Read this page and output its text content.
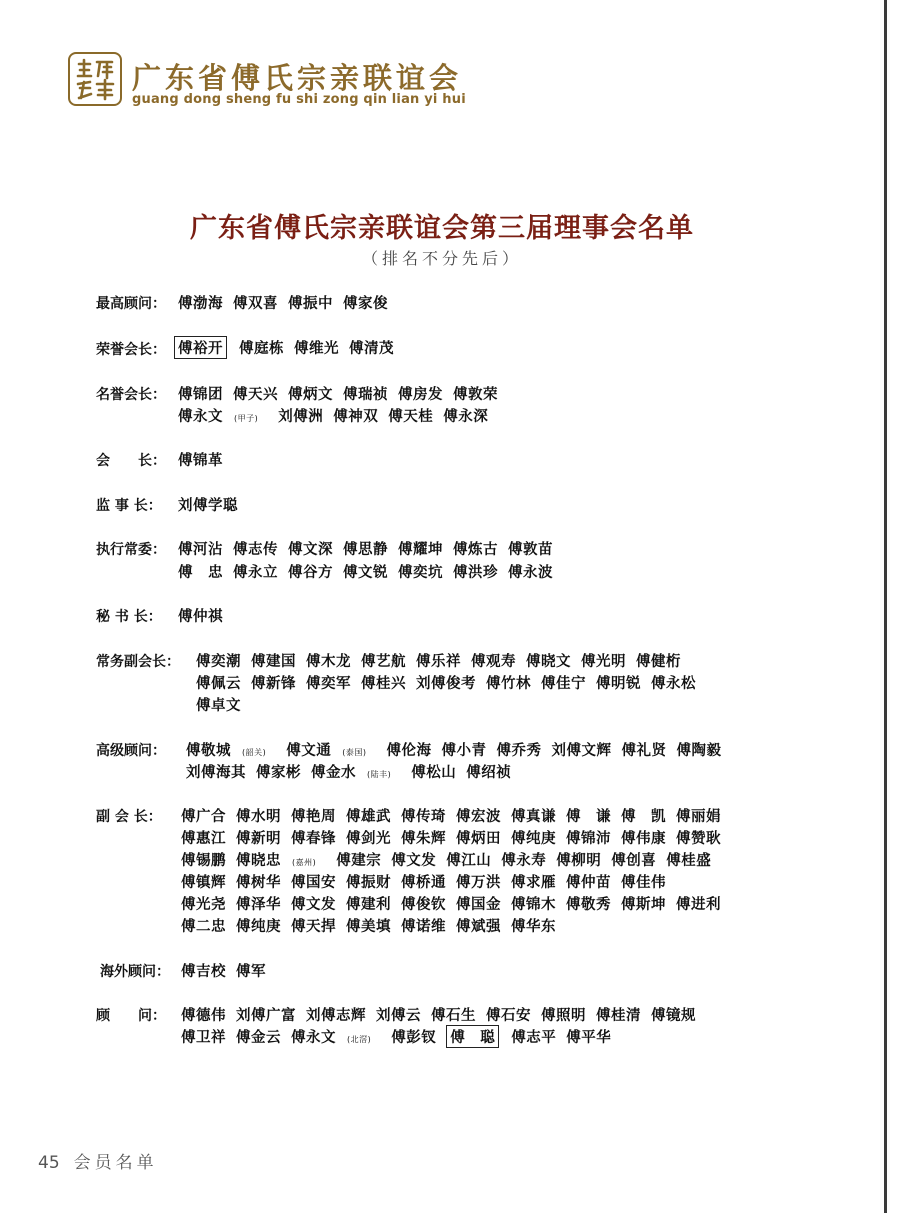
广东省傅氏宗亲联谊会
guang dong sheng fu shi zong qin lian yi hui
广东省傅氏宗亲联谊会第三届理事会名单
（排名不分先后）
最高顾问： 傅渤海 傅双喜 傅振中 傅家俊
荣誉会长： 傅裕开 傅庭栋 傅维光 傅清茂
名誉会长： 傅锦团 傅天兴 傅炳文 傅瑞祯 傅房发 傅敦荣
傅永文 (甲子) 刘傅洲 傅神双 傅天桂 傅永深
会　　长： 傅锦革
监 事 长： 刘傅学聪
执行常委： 傅河沾 傅志传 傅文深 傅思静 傅耀坤 傅炼古 傅敦苗
傅　忠 傅永立 傅谷方 傅文锐 傅奕坑 傅洪珍 傅永波
秘 书 长： 傅仲祺
常务副会长： 傅奕潮 傅建国 傅木龙 傅艺航 傅乐祥 傅观寿 傅晓文 傅光明 傅健桁
傅佩云 傅新锋 傅奕军 傅桂兴 刘傅俊考 傅竹林 傅佳宁 傅明锐 傅永松
傅卓文
高级顾问： 傅敬城 (韶关) 傅文通 (泰国) 傅伦海 傅小青 傅乔秀 刘傅文辉 傅礼贤 傅陶毅
刘傅海其 傅家彬 傅金水 (陆丰) 傅松山 傅绍祯
副 会 长： 傅广合 傅水明 傅艳周 傅雄武 傅传琦 傅宏波 傅真谦 傅　谦 傅　凯 傅丽娟
傅惠江 傅新明 傅春锋 傅剑光 傅朱辉 傅炳田 傅纯庚 傅锦沛 傅伟康 傅赞耿
傅锡鹏 傅晓忠 (嘉州) 傅建宗 傅文发 傅江山 傅永寿 傅柳明 傅创喜 傅桂盛
傅镇辉 傅树华 傅国安 傅振财 傅桥通 傅万洪 傅求雁 傅仲苗 傅佳伟
傅光尧 傅泽华 傅文发 傅建利 傅俊钦 傅国金 傅锦木 傅敬秀 傅斯坤 傅进利
傅二忠 傅纯庚 傅天捍 傅美填 傅诺维 傅斌强 傅华东
海外顾问： 傅吉校 傅军
顾　　问： 傅德伟 刘傅广富 刘傅志辉 刘傅云 傅石生 傅石安 傅照明 傅桂清 傅镜规
傅卫祥 傅金云 傅永文 (北滘) 傅彭钗 傅　聪 傅志平 傅平华
45 会员名单
